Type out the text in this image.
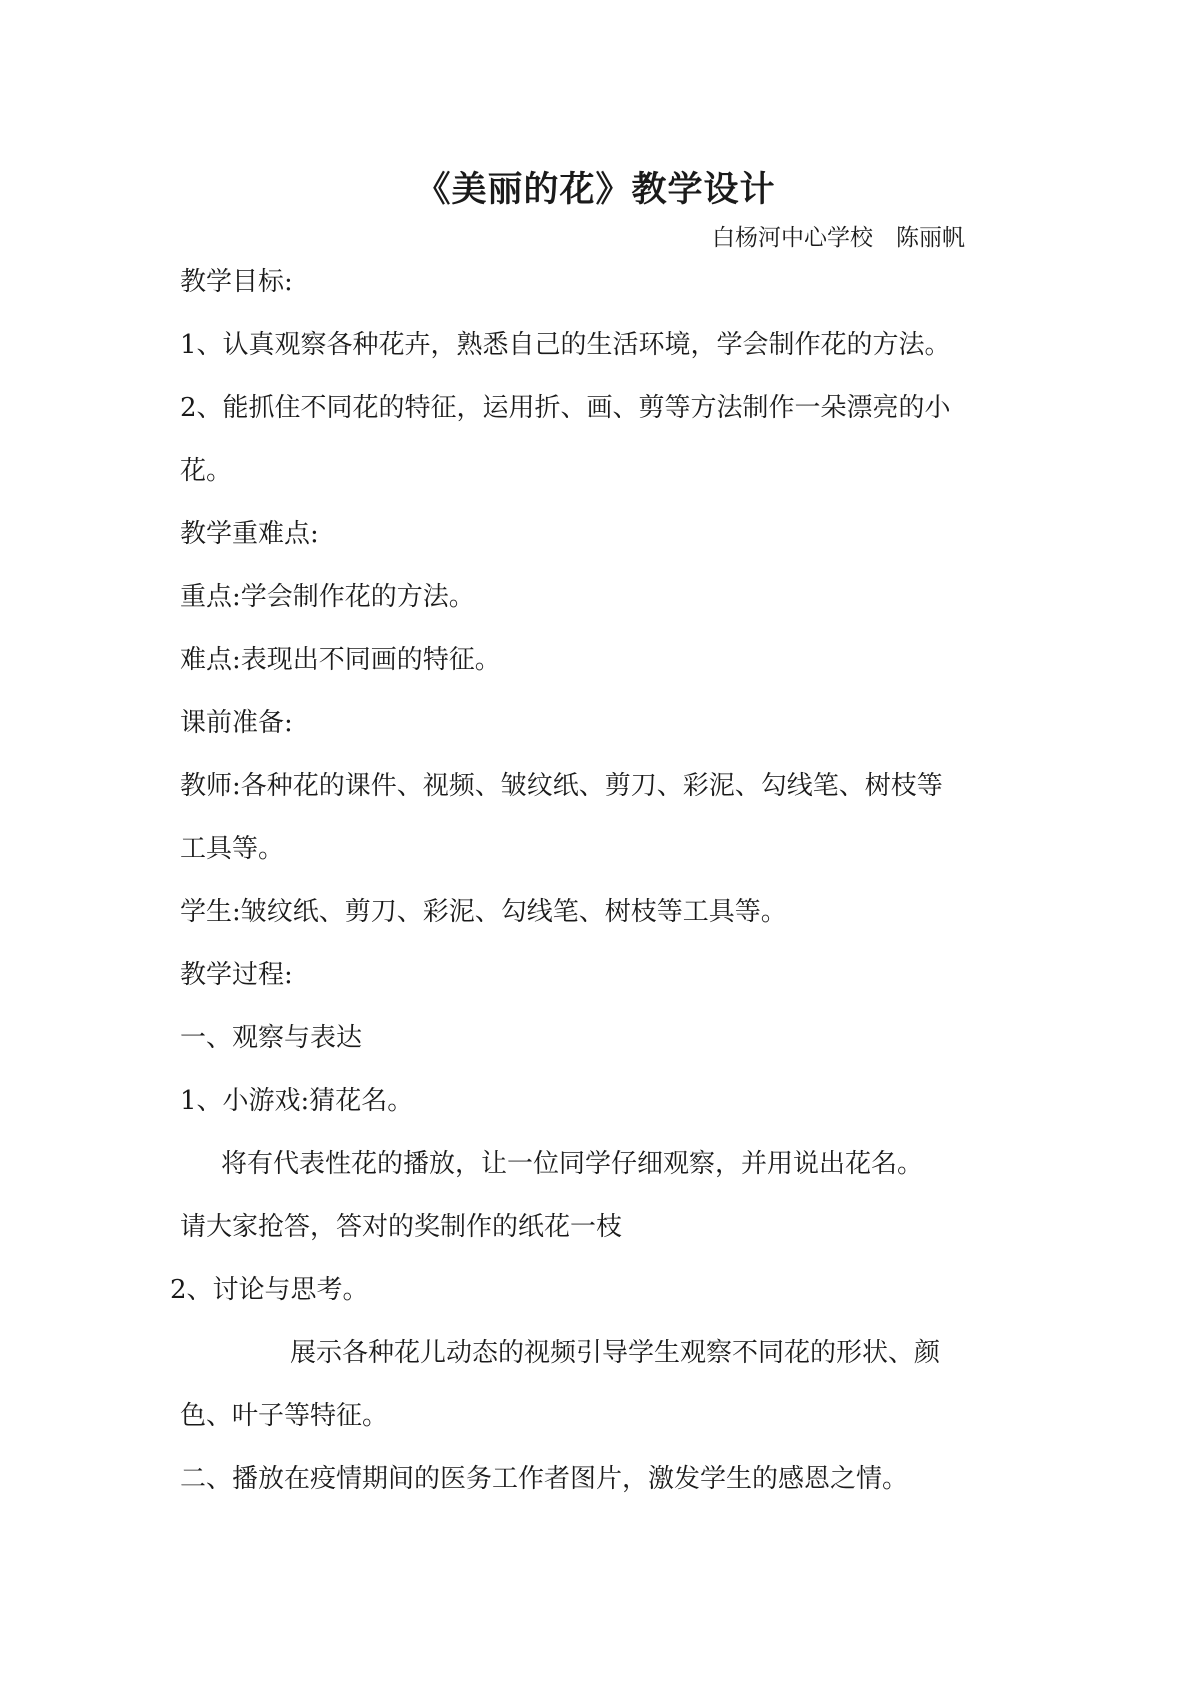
《美丽的花》教学设计
白杨河中心学校　陈丽帆
教学目标:
1、认真观察各种花卉，熟悉自己的生活环境，学会制作花的方法。
2、能抓住不同花的特征，运用折、画、剪等方法制作一朵漂亮的小
花。
教学重难点:
重点:学会制作花的方法。
难点:表现出不同画的特征。
课前准备:
教师:各种花的课件、视频、皱纹纸、剪刀、彩泥、勾线笔、树枝等
工具等。
学生:皱纹纸、剪刀、彩泥、勾线笔、树枝等工具等。
教学过程:
一、观察与表达
1、小游戏:猜花名。
将有代表性花的播放，让一位同学仔细观察，并用说出花名。
请大家抢答，答对的奖制作的纸花一枝
2、讨论与思考。
展示各种花儿动态的视频引导学生观察不同花的形状、颜
色、叶子等特征。
二、播放在疫情期间的医务工作者图片，激发学生的感恩之情。
